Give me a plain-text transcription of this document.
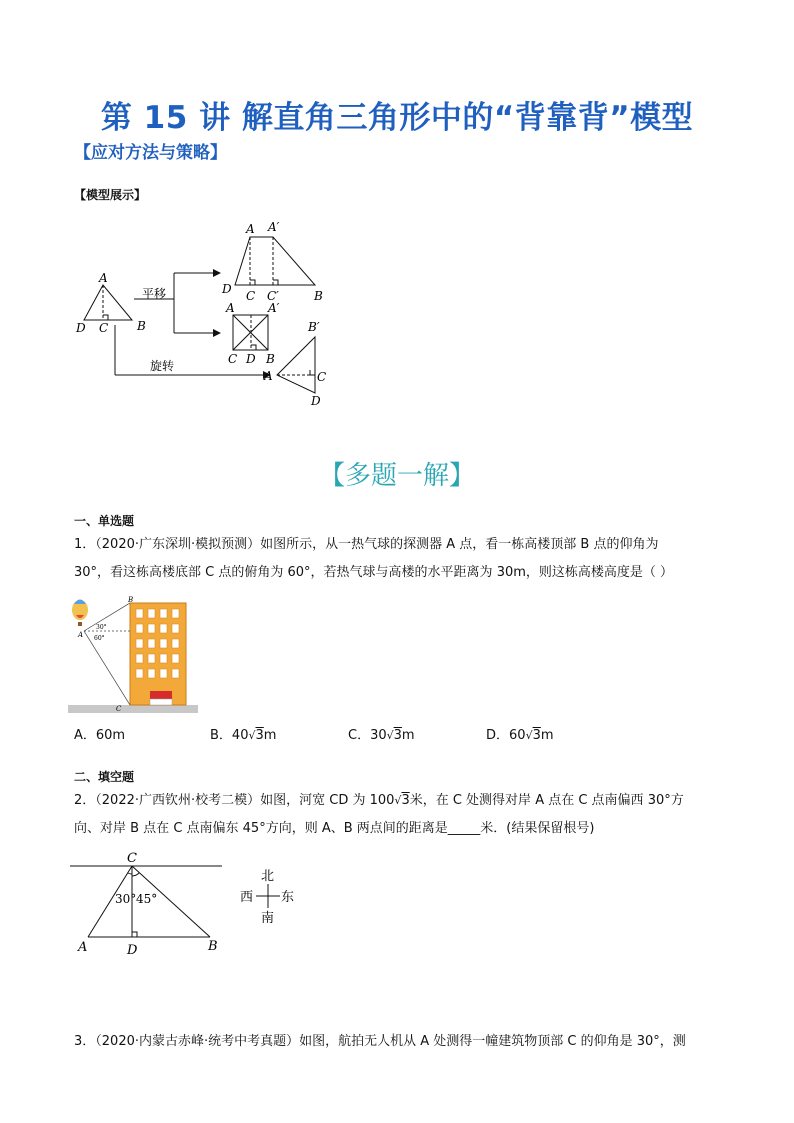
第 15 讲 解直角三角形中的“背靠背”模型
【应对方法与策略】
【模型展示】
A
D C B
平移
旋转
A A′
D C C′	B
A	A′
C D B
B′
A	C
D
【多题一解】
一、单选题
1．（2020·广东深圳·模拟预测）如图所示，从一热气球的探测器 A 点，看一栋高楼顶部 B 点的仰角为
30°，看这栋高楼底部 C 点的俯角为 60°，若热气球与高楼的水平距离为 30m，则这栋高楼高度是（ ）
B
A
C
30°
60°
A．60m	B．40√3m	C．30√3m	D．60√3m
二、填空题
2．（2022·广西钦州·校考二模）如图，河宽 CD 为 100√3米，在 C 处测得对岸 A 点在 C 点南偏西 30°方
向、对岸 B 点在 C 点南偏东 45°方向，则 A、B 两点间的距离是_____米．(结果保留根号)
C
A	D	B
30° 45°
北
南
西 东
3．（2020·内蒙古赤峰·统考中考真题）如图，航拍无人机从 A 处测得一幢建筑物顶部 C 的仰角是 30°，测
